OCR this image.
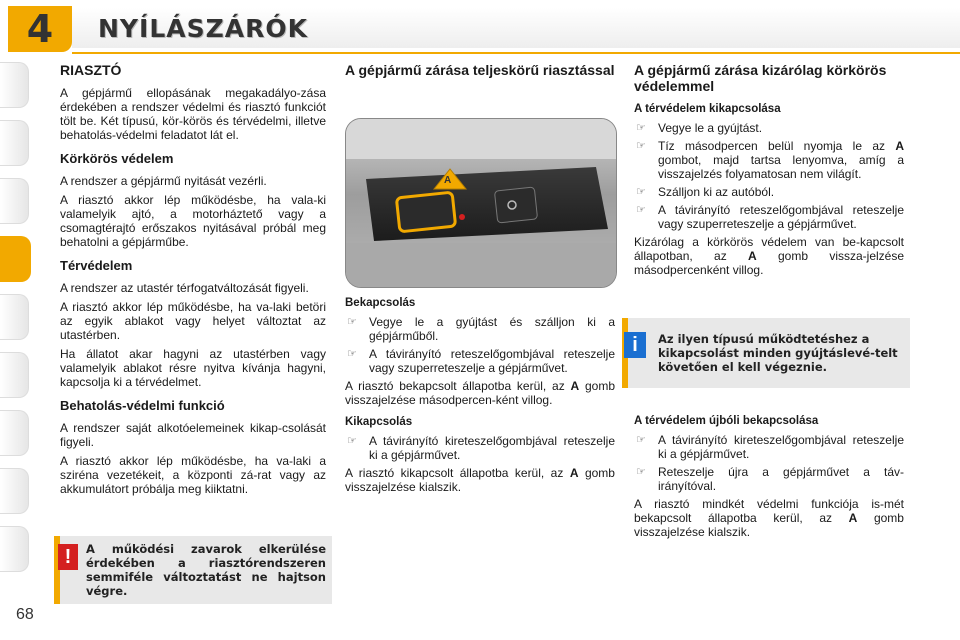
4 NYÍLÁSZÁRÓK
68
RIASZTÓ

A gépjármű ellopásának megakadályo-zása érdekében a rendszer védelmi és riasztó funkciót tölt be. Két típusú, kör-körös és térvédelmi, illetve behatolás-védelmi feladatot lát el.

Körkörös védelem

A rendszer a gépjármű nyitását vezérli.

A riasztó akkor lép működésbe, ha vala-ki valamelyik ajtó, a motorháztető vagy a csomagtérajtó erőszakos nyitásával próbál meg behatolni a gépjárműbe.

Térvédelem

A rendszer az utastér térfogatváltozását figyeli.

A riasztó akkor lép működésbe, ha va-laki betöri az egyik ablakot vagy helyet változtat az utastérben.

Ha állatot akar hagyni az utastérben vagy valamelyik ablakot résre nyitva kívánja hagyni, kapcsolja ki a térvédelmet.

Behatolás-védelmi funkció

A rendszer saját alkotóelemeinek kikap-csolását figyeli.

A riasztó akkor lép működésbe, ha va-laki a sziréna vezetékeit, a központi zá-rat vagy az akkumulátort próbálja meg kiiktatni.

A működési zavarok elkerülése érdekében a riasztórendszeren semmiféle változtatást ne hajtson végre.
!
A gépjármű zárása teljeskörű riasztással
A
Bekapcsolás
☞	Vegye le a gyújtást és szálljon ki a gépjárműből.
☞	A távirányító reteszelőgombjával reteszelje vagy szuperreteszelje a gépjárművet.

A riasztó bekapcsolt állapotba kerül, az A gomb visszajelzése másodpercen-ként villog.

Kikapcsolás
☞	A távirányító kireteszelőgombjával reteszelje ki a gépjárművet.

A riasztó kikapcsolt állapotba kerül, az A gomb visszajelzése kialszik.

A gépjármű zárása kizárólag körkörös védelemmel
A térvédelem kikapcsolása
☞	Vegye le a gyújtást.
☞	Tíz másodpercen belül nyomja le az A gombot, majd tartsa lenyomva, amíg a visszajelzés folyamatosan nem világít.
☞	Szálljon ki az autóból.
☞	A távirányító reteszelőgombjával reteszelje vagy szuperreteszelje a gépjárművet.

Kizárólag a körkörös védelem van be-kapcsolt állapotban, az A gomb vissza-jelzése másodpercenként villog.

Az ilyen típusú működtetéshez a kikapcsolást minden gyújtáslevé-telt követően el kell végeznie.
i
A térvédelem újbóli bekapcsolása
☞	A távirányító kireteszelőgombjával reteszelje ki a gépjárművet.
☞	Reteszelje újra a gépjárművet a táv-irányítóval.

A riasztó mindkét védelmi funkciója is-mét bekapcsolt állapotba kerül, az A gomb visszajelzése kialszik.
